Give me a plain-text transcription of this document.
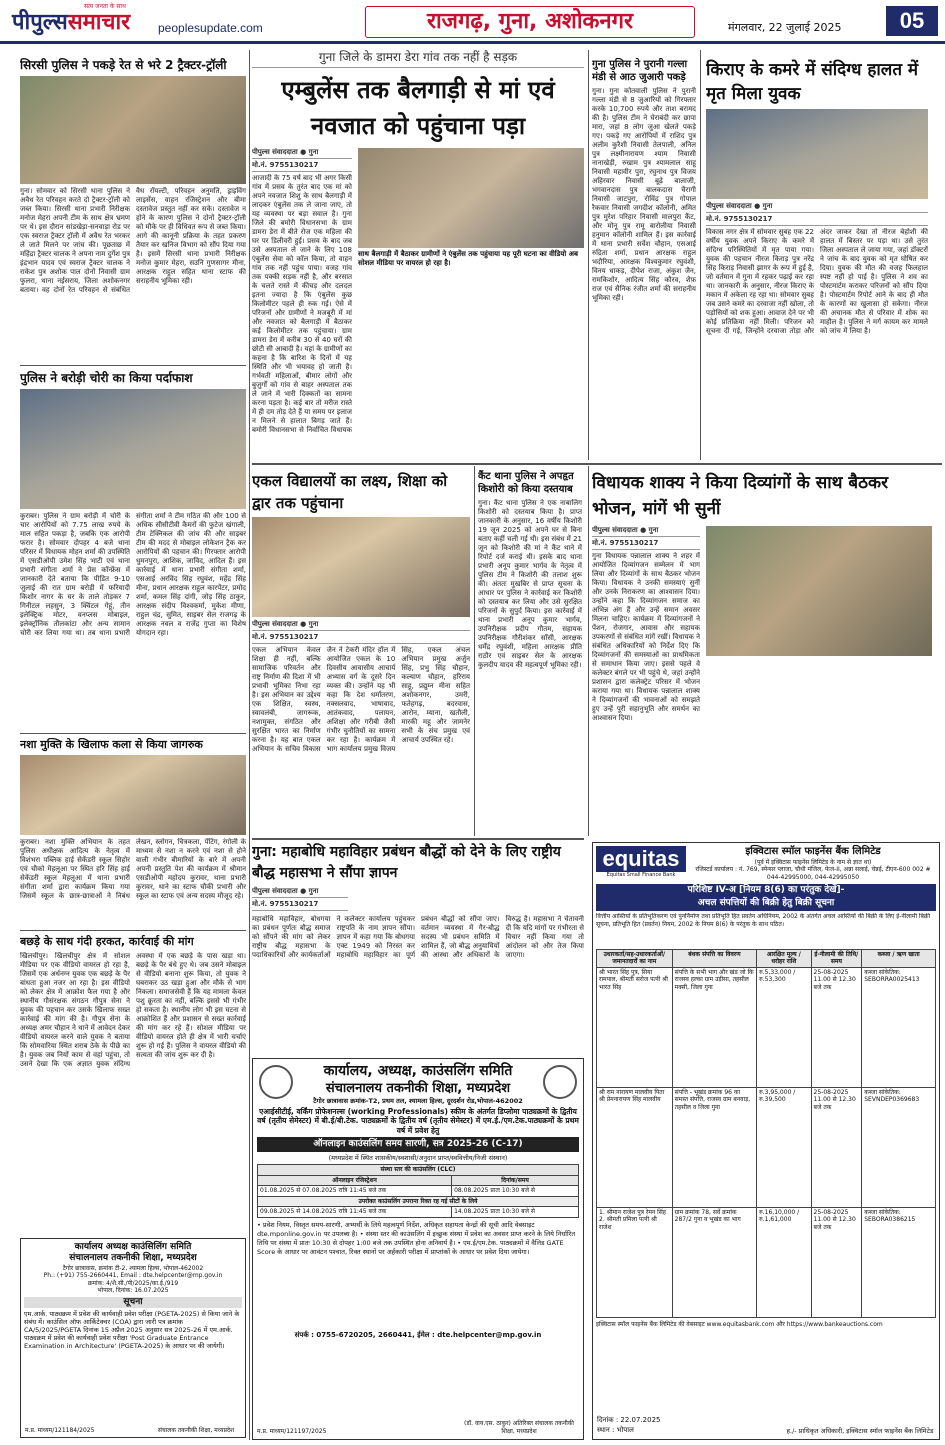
पीपुल्ससमाचार
सत्य जनता के साथ
peoplesupdate.com	राजगढ़, गुना, अशोकनगर	मंगलवार, 22 जुलाई 2025	05
सिरसी पुलिस ने पकड़े रेत से भरे 2 ट्रैक्टर-ट्रॉली
गुना। सोमवार को सिरसी थाना पुलिस ने अवैध रेत परिवहन करते दो ट्रैक्टर-ट्रॉली को जब्त किया। सिरसी थाना प्रभारी निरीक्षक मनोज मेहरा अपनी टीम के साथ क्षेत्र भ्रमण पर थे। इस दौरान सांडखेड़ा-सनवाड़ा रोड पर एक स्वराज ट्रैक्टर ट्रॉली में अवैध रेत भरकर ले जाते मिलने पर जांच की। पूछताछ में महिंद्रा ट्रैक्टर चालक ने अपना नाम दुर्गेश पुत्र इंद्रभान यादव एवं स्वराज ट्रैक्टर चालक ने राकेश पुत्र अशोक पाल दोनों निवासी ग्राम फुलरा, थाना नईसराय, जिला अशोकनगर बताया। वह दोनों रेत परिवहन से संबंधित वैध रॉयल्टी, परिवहन अनुमति, ड्राइविंग लाइसेंस, वाहन रजिस्ट्रेशन और बीमा दस्तावेज प्रस्तुत नहीं कर सके। दस्तावेज न होने के कारण पुलिस ने दोनों ट्रैक्टर-ट्रॉली को मौके पर ही विधिवत रूप से जब्त किया। आगे की कानूनी प्रक्रिया के तहत प्रकरण तैयार कर खनिज विभाग को सौंप दिया गया है। इसमें सिरसी थाना प्रभारी निरीक्षक मनोज कुमार मेहरा, सउनि गुणसागर मीना, आरक्षक राहुल सहित थाना स्टाफ की सराहनीय भूमिका रही।
पुलिस ने बरोड़ी चोरी का किया पर्दाफाश
कुराबर। पुलिस ने ग्राम बरोड़ी में चोरी के चार आरोपियों को 7.75 लाख रुपये के माल सहित पकड़ा है, जबकि एक आरोपी फरार है। सोमवार दोपहर 4 बजे थाना परिसर में विधायक मोहन शर्मा की उपस्थिति में एसडीओपी उमेश सिंह भाटी एवं थाना प्रभारी संगीता शर्मा ने प्रेस कॉन्फ्रेंस में जानकारी देते बताया कि पीडि़त 9-10 जुलाई की रात ग्राम बरोड़ी में फरियादी किशोर नागर के घर के ताले तोड़कर 7 गिनीटल लहसुन, 3 क्विंटल गेहूं, तीन इलेक्ट्रिक मोटर, वनप्लस मोबाइल, इलेक्ट्रॉनिक तौलकांटा और अन्य सामान चोरी कर लिया गया था। तब थाना प्रभारी संगीता शर्मा ने टीम गठित की और 100 से अधिक सीसीटीवी कैमरों की फुटेज खंगाली, टीम टेक्निकल की जांच की और साइबर टीम की मदद से मोबाइल लोकेशन ट्रैक कर आरोपियों की पहचान की। गिरफ्तार आरोपी धुमनपुरा, आशिक, जाविद, आदिल हैं। इस कार्रवाई में थाना प्रभारी संगीता शर्मा, एसआई अरविंद सिंह रघुवंश, महेंद्र सिंह मीना, प्रधान आरक्षक राहुल कारपेंटर, प्रमोद शर्मा, कमल सिंह दांगी, जोड़ सिंह ठाकुर, आरक्षक संदीप विश्वकर्मा, मुकेश मीणा, राहुल चंद्र, सुमित, साइबर सेल राजगढ़ के आरक्षक नवल व राजेंद्र गुप्ता का विशेष योगदान रहा।
नशा मुक्ति के खिलाफ कला से किया जागरुक
कुराबर। नशा मुक्ति अभियान के तहत पुलिस अधीक्षक आदित्य के नेतृत्व में विशंभरा पब्लिक हाई सेकेंडरी स्कूल सिहोर एवं चौको मॆहलूआ पर स्थित हरि सिंह हाई सेकेंडरी स्कूल मॆहलूआ में थाना प्रभारी संगीता शर्मा द्वारा कार्यक्रम किया गया जिसमें स्कूल के छात्र-छात्राओं ने निबंध लेखन, स्लोगन, चित्रकला, पेंटिंग, रंगोली के माध्यम से नशा न करने एवं नशा से होने वाली गंभीर बीमारियों के बारे में अपनी अपनी प्रस्तुति पेश की कार्यक्रम में श्रीमान एसडीओपी महोदय कुरावर, थाना प्रभारी कुरावर, थाने का स्टाफ चौकी प्रभारी और स्कूल का स्टाफ एवं अन्य सदस्य मौजूद रहे।
बछड़े के साथ गंदी हरकत, कार्रवाई की मांग
खिलचीपुर। खिलचीपुर क्षेत्र में सोशल मीडिया पर एक वीडियो वायरल हो रहा है, जिसमें एक अर्धनग्न युवक एक बछड़े के पैर बांधता हुआ नजर आ रहा है। इस वीडियो को लेकर क्षेत्र में आक्रोश फैल गया है और स्थानीय गौसंरक्षक संगठन गौपुत्र सेना ने युवक की पहचान कर उसके खिलाफ सख्त कार्रवाई की मांग की है। गौपुत्र सेना के अध्यक्ष अमर चौहान ने थाने में आवेदन देकर वीडियो वायरल करने वाले युवक ने बताया कि सोमवारिया स्थित शराब ठेके के पीछे का है। युवक जब नियों काम से वहां पहुंचा, तो उसने देखा कि एक अज्ञात युवक संदिग्ध अवस्था में एक बछड़े के पास खड़ा था। बछड़े के पैर बंधे हुए थे। जब उसने मोबाइल से वीडियो बनाना शुरू किया, तो युवक ने घबराकर उठ खड़ा हुआ और मौके से भाग निकला। समाजसेवी हैं कि यह मामला केवल पशु क्रूरता का नहीं, बल्कि इससे भी गंभीर हो सकता है। स्थानीय लोग भी इस घटना से आक्रोशित हैं और प्रशासन से सख्त कार्रवाई की मांग कर रहे हैं। सोशल मीडिया पर वीडियो वायरल होते ही क्षेत्र में भारी चर्चाएं शुरू हो गई हैं। पुलिस ने वायरल वीडियो की सत्यता की जांच शुरू कर दी है।
कार्यालय अध्यक्ष काउंसिलिंग समिति
संचालनालय तकनीकी शिक्षा, मध्यप्रदेश
टैगोर छात्रावास, क्रमांक टी-2, श्यामला हिल्स, भोपाल-462002
Ph.: (+91) 755-2660441, Email : dte.helpcenter@mp.gov.in
क्रमांक: 4/शै.सी./पी/2025/का.ई./919
भोपाल, दिनांक: 16.07.2025
सूचना
एम.आर्क. पाठ्यक्रम में प्रवेश की कार्यवाही प्रवेश परीक्षा (PGETA-2025) से किया जाने के संबंध में। काउंसिल ऑफ आर्किटेक्चर (COA) द्वारा जारी पत्र क्रमांक CA/5/2025/PGETA दिनांक 15 अप्रैल 2025 अनुसार सत्र 2025-26 में एम.आर्क. पाठ्यक्रम में प्रवेश की कार्यवाही प्रवेश परीक्षा 'Post Graduate Entrance Examination in Architecture' (PGETA-2025) के आधार पर की जायेगी।
म.प्र. माध्यम/121184/2025	संचालक तकनीकी शिक्षा, मध्यप्रदेश
गुना जिले के डामरा डेरा गांव तक नहीं है सड़क
एम्बुलेंस तक बैलगाड़ी से मां एवं नवजात को पहुंचाना पड़ा
पीपुल्स संवाददाता ● गुना
मो.नं. 9755130217
आजादी के 75 वर्ष बाद भी अगर किसी गांव में प्रसव के तुरंत बाद एक मां को अपने नवजात शिशु के साथ बैलगाड़ी में लादकर एंबुलेंस तक ले जाना जाए, तो यह व्यवस्था पर बड़ा सवाल है। गुना जिले की बमोरी विधानसभा के ग्राम डामरा डेरा में बीते रोज एक महिला की घर पर डिलीवरी हुई। प्रसव के बाद जब उसे अस्पताल ले जाने के लिए 108 एंबुलेंस सेवा को कॉल किया, तो वाहन गांव तक नहीं पहुंच पाया। वजह गांव तक पक्की सड़क नहीं है, और बरसात के चलते रास्ते में कीचड़ और दलदल इतना ज्यादा है कि एंबुलेंस कुछ किलोमीटर पहले ही रुक गई। ऐसे में परिजनों और ग्रामीणों ने मजबूरी में मां और नवजात को बैलगाड़ी में बैठाकर कई किलोमीटर तक पहुंचाया। ग्राम डामरा डेरा में करीब 30 से 40 घरों की छोटी सी आबादी है। यहां के ग्रामीणों का कहना है कि बारिश के दिनों में यह स्थिति और भी भयावह हो जाती है। गर्भवती महिलाओं, बीमार लोगों और बुजुर्गों को गांव से बाहर अस्पताल तक ले जाने में भारी दिक्कतों का सामना करना पड़ता है। कई बार तो मरीज रास्ते में ही दम तोड़ देते हैं या समय पर इलाज न मिलने से हालात बिगड़ जाते हैं। बमोरी विधानसभा से निर्वाचित विधायक
साथ बैलगाड़ी में बैठाकर ग्रामीणों ने एंबुलेंस तक पहुंचाया यह पूरी घटना का वीडियो अब सोशल मीडिया पर वायरल हो रहा है।
गुना पुलिस ने पुरानी गल्ला मंडी से आठ जुआरी पकड़े
गुना। गुना कोतवाली पुलिस ने पुरानी गल्ला मंडी से 8 जुआरियों को गिरफ्तार करके 10,700 रुपये और ताश बरामद की है। पुलिस टीम ने घेराबंदी कर छापा मारा, जहां 8 लोग जुआ खेलते पकड़े गए। पकड़े गए आरोपियों में राशिद पुत्र अलीम कुरैशी निवासी तेलपाली, अनिल पुत्र लक्ष्मीनारायण श्याम निवासी नानाखेड़ी, रुखाम पुत्र श्यामलाल साहू निवासी महावीर पुरा, रघुनाथ पुत्र विजय अहिरवार निवासी बूढ़े बालाजी, भगवानदास पुत्र बालकदास चैरागी निवासी जाटपुरा, रोविंद्र पुत्र गोपाल रैकवार निवासी जगदीश कॉलोनी, अमित पुत्र मुरेश परिहार निवासी मालपुरा कैंट, और मोनू पुत्र रामू बारोलीया निवासी हनुमान कॉलोनी शामिल हैं। इस कार्रवाई में थाना प्रभारी सर्वेश चौहान, एसआई रुद्रिता शर्मा, प्रधान आरक्षक राहुल भदौरिया, आरक्षक विश्वकुमार रघुवंशी, विनय धाकड़, दीपेश राजा, अंकुश जैन, रामकिशोर, आदित्य सिंह कौरव, शैफ़ राज एवं सैनिक रंजीत शर्मा की सराहनीय भूमिका रही।
किराए के कमरे में संदिग्ध हालत में मृत मिला युवक
पीपुल्स संवाददाता ● गुना
मो.नं. 9755130217
विकास नगर क्षेत्र में सोमवार सुबह एक 22 वर्षीय युवक अपने किराए के कमरे में संदिग्ध परिस्थितियों में मृत पाया गया। युवक की पहचान नीरज किराड़ पुत्र नरेंद्र सिंह किराड़ निवासी झागर के रूप में हुई है, जो वर्तमान में गुना में रहकर पढ़ाई कर रहा था। जानकारी के अनुसार, नीरज किराए के मकान में अकेला रह रहा था। सोमवार सुबह जब उसने कमरे का दरवाजा नहीं खोला, तो पड़ोसियों को शक हुआ। आवाज देने पर भी कोई प्रतिक्रिया नहीं मिली। परिजन को सूचना दी गई, जिन्होंने दरवाजा तोड़ा और अंदर जाकर देखा तो नीरज बेहोशी की हालत में बिस्तर पर पड़ा था। उसे तुरंत जिला अस्पताल ले जाया गया, जहां डॉक्टरों ने जांच के बाद युवक को मृत घोषित कर दिया। युवक की मौत की वजह फिलहाल स्पष्ट नहीं हो पाई है। पुलिस ने शव का पोस्टमार्टम कराकर परिजनों को सौंप दिया है। पोस्टमार्टम रिपोर्ट आने के बाद ही मौत के कारणों का खुलासा हो सकेगा। नीरज की अचानक मौत से परिवार में शोक का माहौल है। पुलिस ने मर्ग कायम कर मामले को जांच में लिया है।
एकल विद्यालयों का लक्ष्य, शिक्षा को द्वार तक पहुंचाना
पीपुल्स संवाददाता ● गुना
मो.नं. 9755130217
एकल अभियान केवल शिक्षा ही नहीं, बल्कि सामाजिक परिवर्तन और राष्ट्र निर्माण की दिशा में भी प्रभावी भूमिका निभा रहा है। इस अभियान का उद्देश्य एक शिक्षित, स्वस्थ, स्वावलंबी, जागरूक, नशामुक्त, संगठित और सुरक्षित भारत का निर्माण करना है। यह बात एकल अभियान के सचिव विकास जैन ने टेकरी मंदिर हॉल में आयोजित एकल के 10 दिवसीय आवासीय आचार्य अभ्यास वर्ग के दूसरे दिन व्यक्त की। उन्होंने यह भी कहा कि देश धर्मांतरण, नक्सलवाद, भाषावाद, आतंकवाद, पलायन, अशिक्षा और गरीबी जैसी गंभीर चुनौतियों का सामना कर रहा है। कार्यक्रम में भाग कार्यालय प्रमुख विजय सिंह, एकल अंचल अभियान प्रमुख अर्जुन सिंह, प्रभु सिंह चौहान, कल्याण चौहान, हरिराय साहू, प्रद्युम्न मीना सहित अशोकनगर, उमरी, फतेहगढ़, बदरवास, आरोन, म्याना, खतौली, मारकी महू और जामनेर सभी के संच प्रमुख एवं आचार्य उपस्थित रहे।
कैंट थाना पुलिस ने अपहृत किशोरी को किया दस्तयाब
गुना। कैंट थाना पुलिस ने एक नाबालिग किशोरी को दस्तयाब किया है। प्राप्त जानकारी के अनुसार, 16 वर्षीय किशोरी 19 जून 2025 को अपने घर से बिना बताए कहीं चली गई थी। इस संबंध में 21 जून को किशोरी की मां ने कैंट थाने में रिपोर्ट दर्ज कराई थी। इसके बाद थाना प्रभारी अनूप कुमार भार्गव के नेतृत्व में पुलिस टीम ने किशोरी की तलाश शुरू की। अंततः मुखबिर से प्राप्त सूचना के आधार पर पुलिस ने कार्रवाई कर किशोरी को दस्तयाब कर लिया और उसे सुरक्षित परिजनों के सुपुर्द किया। इस कार्रवाई में थाना प्रभारी अनूप कुमार भार्गव, उपनिरीक्षक प्रदीप गौतम, सहायक उपनिरीक्षक गौरीशंकर साँसी, आरक्षक धर्मेंद्र रघुवंशी, महिला आरक्षक प्रीति राठौर एवं साइबर सेल के आरक्षक कुलदीप यादव की महत्वपूर्ण भूमिका रही।
विधायक शाक्य ने किया दिव्यांगों के साथ बैठकर भोजन, मांगें भी सुनीं
पीपुल्स संवाददाता ● गुना
मो.नं. 9755130217
गुना विधायक पन्नालाल शाक्य ने शहर में आयोजित दिव्यांगजन सम्मेलन में भाग लिया और दिव्यांगों के साथ बैठकर भोजन किया। विधायक ने उनकी समस्याएं सुनीं और उनके निराकरण का आश्वासन दिया। उन्होंने कहा कि दिव्यांगजन समाज का अभिन्न अंग हैं और उन्हें समान अवसर मिलना चाहिए। कार्यक्रम में दिव्यांगजनों ने पेंशन, रोजगार, आवास और सहायक उपकरणों से संबंधित मांगें रखीं। विधायक ने संबंधित अधिकारियों को निर्देश दिए कि दिव्यांगजनों की समस्याओं का प्राथमिकता से समाधान किया जाए। इससे पहले वे कलेक्टर बंगले पर भी पहुंचे थे, जहां उन्होंने प्रशासन द्वारा कलेक्ट्रेट परिसर में भोजन कराया गया था। विधायक पन्नालाल शाक्य ने दिव्यांगजनों की भावनाओं को समझते हुए उन्हें पूरी सहानुभूति और समर्थन का आश्वासन दिया।
गुना: महाबोधि महाविहार प्रबंधन बौद्धों को देने के लिए राष्ट्रीय बौद्ध महासभा ने सौंपा ज्ञापन
पीपुल्स संवाददाता ● गुना
मो.नं. 9755130217
महाबोधि महाविहार, बोधगया का प्रबंधन पूर्णतः बौद्ध समाज को सौंपने की मांग को लेकर राष्ट्रीय बौद्ध महासभा के पदाधिकारियों और कार्यकर्ताओं ने कलेक्टर कार्यालय पहुंचकर राष्ट्रपति के नाम ज्ञापन सौंपा। ज्ञापन में कहा गया कि बोधगया एक्ट 1949 को निरस्त कर महाबोधि महाविहार का पूर्ण प्रबंधन बौद्धों को सौंपा जाए। वर्तमान व्यवस्था में गैर-बौद्ध सदस्य भी प्रबंधन समिति में शामिल हैं, जो बौद्ध अनुयायियों की आस्था और अधिकारों के विरुद्ध है। महासभा ने चेतावनी दी कि यदि मांगों पर गंभीरता से विचार नहीं किया गया तो आंदोलन को और तेज किया जाएगा।
कार्यालय, अध्यक्ष, काउंसलिंग समिति
संचालनालय तकनीकी शिक्षा, मध्यप्रदेश
टैगोर छात्रावास क्रमांक-T2, प्रथम तल, श्यामला हिल्स, दूरदर्शन रोड,भोपाल-462002
एआईसीटीई, वर्किंग प्रोफेशनल्स (working Professionals) स्कीम के अंतर्गत डिप्लोमा पाठ्यक्रमों के द्वितीय वर्ष (तृतीय सेमेस्टर) में बी.ई/बी.टेक. पाठ्यक्रमों के द्वितीय वर्ष (तृतीय सेमेस्टर) में एम.ई./एम.टेक.पाठ्यक्रमों के प्रथम वर्ष में प्रवेश हेतु
ऑनलाइन काउंसलिंग समय सारणी, सत्र 2025-26 (C-17)
(मध्यप्रदेश में स्थित शासकीय/स्वशासी/अनुदान प्राप्त/स्ववित्तीय/निजी संस्थान)
संस्था स्तर की काउंसलिंग (CLC)	
ऑनलाइन रजिस्ट्रेशन	दिनांक/समय
01.08.2025 से 07.08.2025 रात्रि 11:45 बजे तक	08.08.2025 प्रातः 10:30 बजे से
उपरोक्त काउंसलिंग उपरान्त रिक्त रह गई सीटों के लिये	
09.08.2025 से 14.08.2025 रात्रि 11:45 बजे तक	14.08.2025 प्रातः 10:30 बजे से
• प्रवेश नियम, विस्तृत समय-सारणी, अभ्यर्थी के लिये महत्वपूर्ण निर्देश, अधिकृत सहायता केन्द्रों की सूची आदि वेबसाइट dte.mponline.gov.in पर उपलब्ध है। • संस्था स्तर की काउंसलिंग में इच्छुक संस्था में प्रवेश का अवसर प्राप्त करने के लिये निर्धारित तिथि पर संस्था में प्रातः 10:30 से दोपहर 1:00 बजे तक उपस्थित होना अनिवार्य है। • एम.ई/एम.टेक. पाठ्यक्रमों में वैलिड GATE Score के आधार पर आवंटन पश्चात, रिक्त स्थानों पर अर्हकारी परीक्षा में प्राप्तांकों के आधार पर प्रवेश दिया जायेगा।
संपर्क : 0755-6720205, 2660441, ईमेल : dte.helpcenter@mp.gov.in
म.प्र. माध्यम/121197/2025
(डॉ. वाय.एस. ठाकुर) अतिरिक्त संचालक तकनीकी शिक्षा, मध्यप्रदेश
equitas
Equitas Small Finance Bank
इक्विटास स्मॉल फाइनेंस बैंक लिमिटेड
(पूर्व में इक्विटास फाइनेंस लिमिटेड के नाम से ज्ञात था)
रजिस्टर्ड कार्यालय : नं. 769, स्पेन्सर प्लाजा, चौथी मंजिल, फेज-II, अन्ना सलाई, चेन्नई, टीएन-600 002 # 044-42995000, 044-42995050
परिशिष्ट IV-अ [नियम 8(6) का परंतुक देखें]-
अचल संपत्तियों की बिक्री हेतु बिक्री सूचना
वित्तीय आस्तियों के प्रतिभूतिकरण एवं पुनर्निर्माण तथा प्रतिभूति हित प्रवर्तन अधिनियम, 2002 के अंतर्गत अचल आस्तियों की बिक्री के लिए ई-नीलामी बिक्री सूचना, प्रतिभूति हित (प्रवर्तन) नियम, 2002 के नियम 8(6) के परंतुक के साथ पठित।
उधारकर्ता/सह-उधारकर्ताओं/जमानतदारों का नाम	बंधक संपत्ति का विवरण	आरक्षित मूल्य / धरोहर राशि	ई-नीलामी की तिथि/समय	कब्जा / ऋण खाता
श्री भारत सिंह पुत्र, सिया रामपाल, श्रीमती सरोज पत्नी श्री भारत सिंह	संपत्ति के सभी भाग और खंड जो कि राजस्व हल्का ग्राम उड़ीसा, तहसील मक्सी, जिला गुना	रु.5,33,000 / रु.53,300	25-08-2025 11.00 से 12.30 बजे तक	कब्जा सांकेतिक: SEBORRA0025413
श्री राम नारायण मालवीय पिता श्री प्रेमनारायण सिंह मालवीय	संपत्ति - भूखंड क्रमांक 96 का समस्त संपत्ति, राजस्व ग्राम बनवाड़, तहसील व जिला गुना	रु.3,95,000 / रु.39,500	25-08-2025 11.00 से 12.30 बजे तक	कब्जा सांकेतिक: SEVNDEP0369683
1. श्रीमान राजेश पुत्र रेमन सिंह 2. श्रीमती प्रमिला पत्नी श्री राजेश	ग्राम क्रमांक 78, सर्वे क्रमांक 287/2 गुना व भूखंड का भाग	रु.16,10,000 / रु.1,61,000	25-08-2025 11.00 से 12.30 बजे तक	कब्जा सांकेतिक: SEBORA0386215
इक्विटास स्मॉल फाइनेंस बैंक लिमिटेड की वेबसाइट www.equitasbank.com और https://www.bankeauctions.com
दिनांक : 22.07.2025
स्थान : भोपाल	ह./- प्राधिकृत अधिकारी, इक्विटास स्मॉल फाइनेंस बैंक लिमिटेड
